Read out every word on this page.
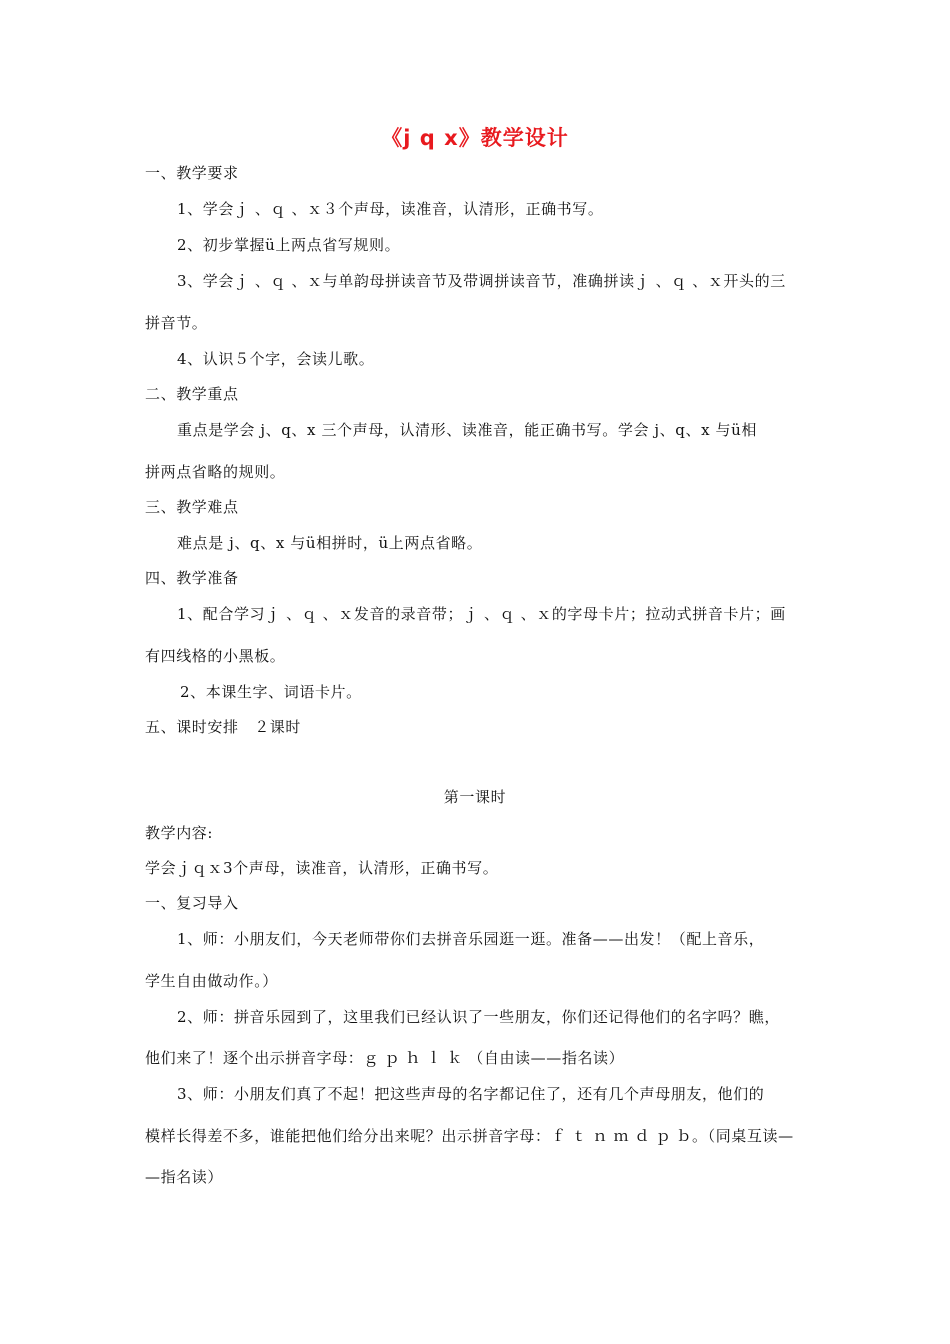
《j q x》教学设计
一、教学要求
1、学会ｊ 、ｑ 、ｘ３个声母，读准音，认清形，正确书写。
2、初步掌握ü上两点省写规则。
3、学会ｊ 、ｑ 、ｘ与单韵母拼读音节及带调拼读音节，准确拼读ｊ 、ｑ 、ｘ开头的三
拼音节。
4、认识５个字，会读儿歌。
二、教学重点
重点是学会 j、q、x 三个声母，认清形、读准音，能正确书写。学会 j、q、x 与ü相
拼两点省略的规则。
三、教学难点
难点是 j、q、x 与ü相拼时，ü上两点省略。
四、教学准备
1、配合学习ｊ 、ｑ 、ｘ发音的录音带；ｊ 、ｑ 、ｘ的字母卡片；拉动式拼音卡片；画
有四线格的小黑板。
2、本课生字、词语卡片。
五、课时安排　２课时
第一课时
教学内容:
学会ｊｑｘ3个声母，读准音，认清形，正确书写。
一、复习导入
1、师：小朋友们，今天老师带你们去拼音乐园逛一逛。准备——出发！（配上音乐，
学生自由做动作。）
2、师：拼音乐园到了，这里我们已经认识了一些朋友，你们还记得他们的名字吗？瞧，
他们来了！逐个出示拼音字母：ｇ ｐ ｈ ｌ ｋ （自由读——指名读）
3、师：小朋友们真了不起！把这些声母的名字都记住了，还有几个声母朋友，他们的
模样长得差不多，谁能把他们给分出来呢？出示拼音字母：ｆ ｔ ｎ ｍ ｄ ｐ ｂ。（同桌互读—
—指名读）
